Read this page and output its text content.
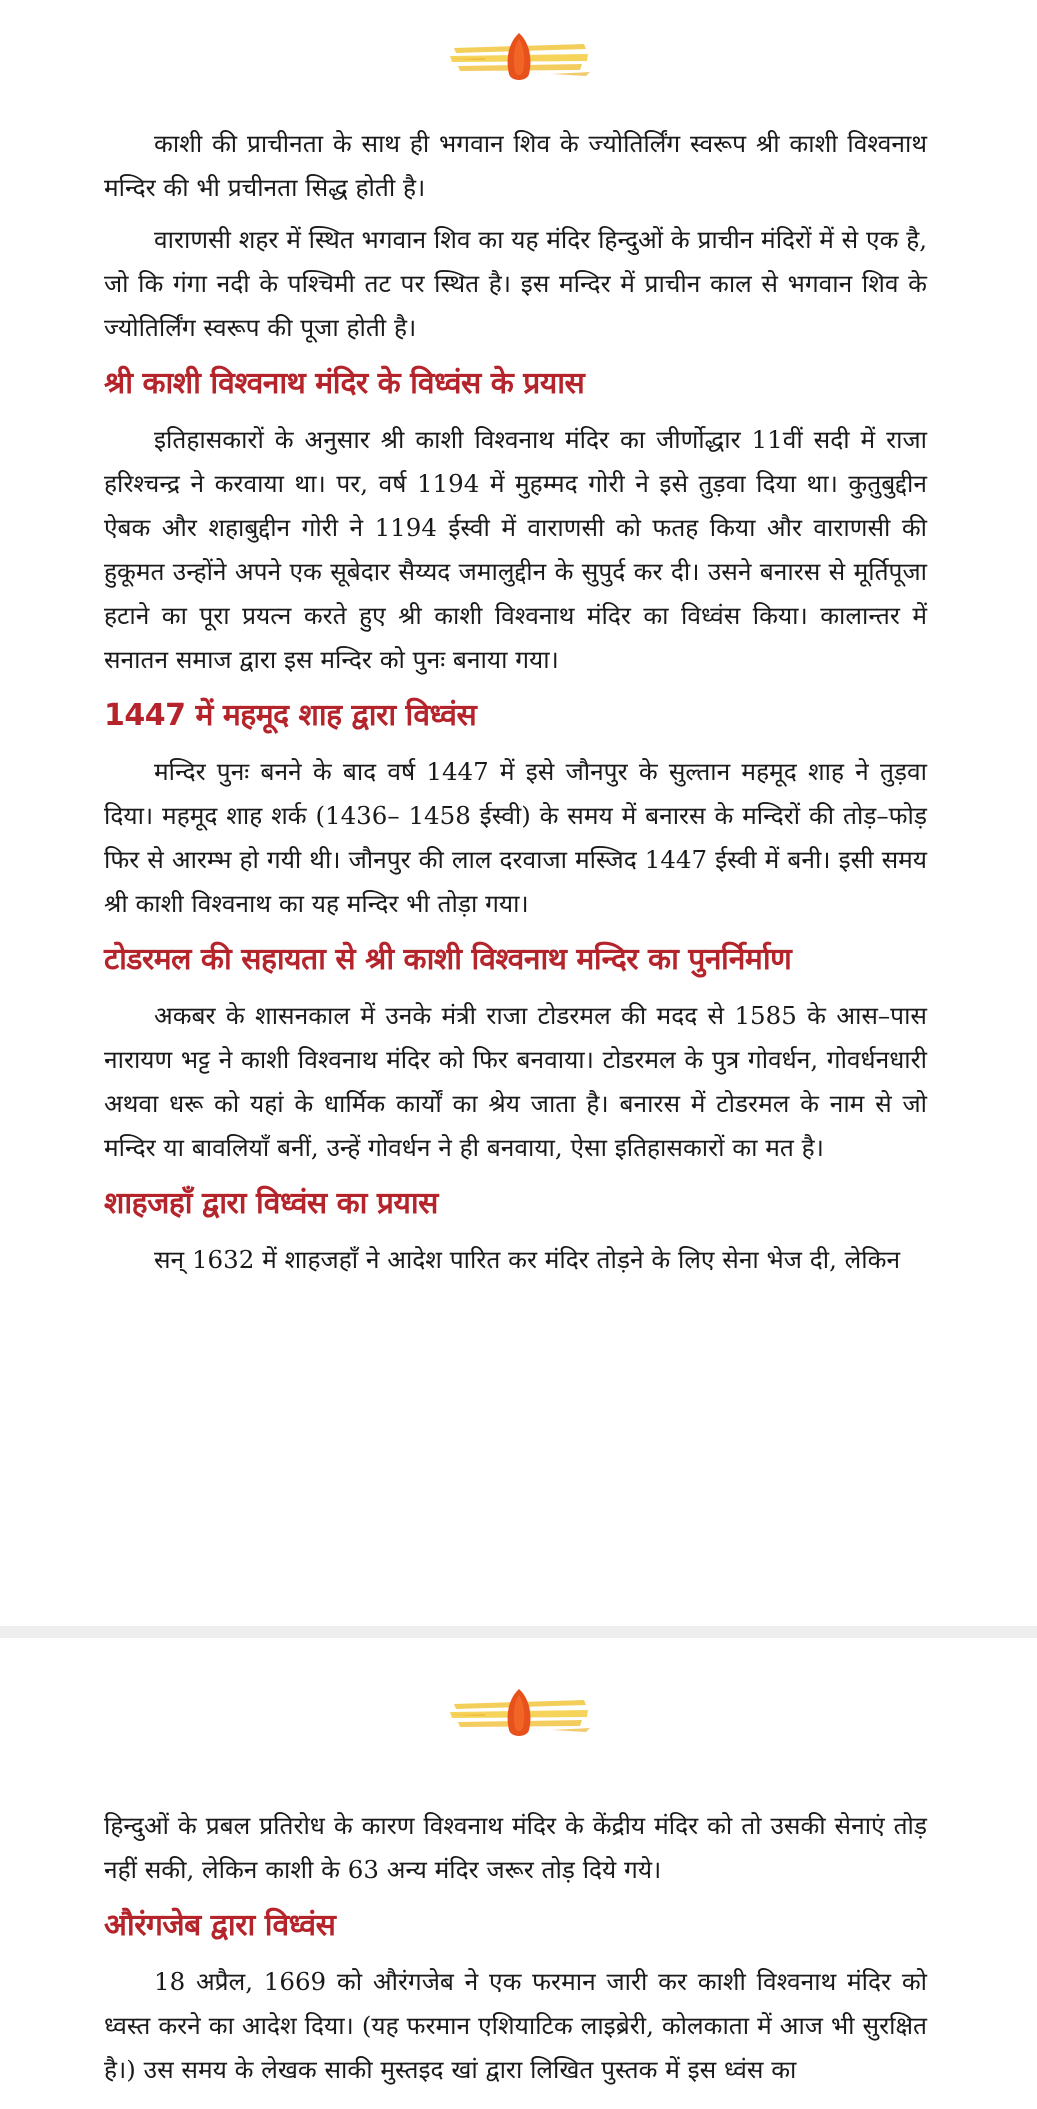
काशी की प्राचीनता के साथ ही भगवान शिव के ज्योतिर्लिंग स्वरूप श्री काशी विश्वनाथ मन्दिर की भी प्रचीनता सिद्ध होती है।

वाराणसी शहर में स्थित भगवान शिव का यह मंदिर हिन्दुओं के प्राचीन मंदिरों में से एक है, जो कि गंगा नदी के पश्चिमी तट पर स्थित है। इस मन्दिर में प्राचीन काल से भगवान शिव के ज्योतिर्लिंग स्वरूप की पूजा होती है।

श्री काशी विश्वनाथ मंदिर के विध्वंस के प्रयास

इतिहासकारों के अनुसार श्री काशी विश्वनाथ मंदिर का जीर्णोद्धार 11वीं सदी में राजा हरिश्चन्द्र ने करवाया था। पर, वर्ष 1194 में मुहम्मद गोरी ने इसे तुड़वा दिया था। कुतुबुद्दीन ऐबक और शहाबुद्दीन गोरी ने 1194 ईस्वी में वाराणसी को फतह किया और वाराणसी की हुकूमत उन्होंने अपने एक सूबेदार सैय्यद जमालुद्दीन के सुपुर्द कर दी। उसने बनारस से मूर्तिपूजा हटाने का पूरा प्रयत्न करते हुए श्री काशी विश्वनाथ मंदिर का विध्वंस किया। कालान्तर में सनातन समाज द्वारा इस मन्दिर को पुनः बनाया गया।

1447 में महमूद शाह द्वारा विध्वंस

मन्दिर पुनः बनने के बाद वर्ष 1447 में इसे जौनपुर के सुल्तान महमूद शाह ने तुड़वा दिया। महमूद शाह शर्क (1436– 1458 ईस्वी) के समय में बनारस के मन्दिरों की तोड़–फोड़ फिर से आरम्भ हो गयी थी। जौनपुर की लाल दरवाजा मस्जिद 1447 ईस्वी में बनी। इसी समय श्री काशी विश्वनाथ का यह मन्दिर भी तोड़ा गया।

टोडरमल की सहायता से श्री काशी विश्वनाथ मन्दिर का पुनर्निर्माण

अकबर के शासनकाल में उनके मंत्री राजा टोडरमल की मदद से 1585 के आस–पास नारायण भट्ट ने काशी विश्वनाथ मंदिर को फिर बनवाया। टोडरमल के पुत्र गोवर्धन, गोवर्धनधारी अथवा धरू को यहां के धार्मिक कार्यों का श्रेय जाता है। बनारस में टोडरमल के नाम से जो मन्दिर या बावलियाँ बनीं, उन्हें गोवर्धन ने ही बनवाया, ऐसा इतिहासकारों का मत है।

शाहजहाँ द्वारा विध्वंस का प्रयास

सन् 1632 में शाहजहाँ ने आदेश पारित कर मंदिर तोड़ने के लिए सेना भेज दी, लेकिन

हिन्दुओं के प्रबल प्रतिरोध के कारण विश्वनाथ मंदिर के केंद्रीय मंदिर को तो उसकी सेनाएं तोड़ नहीं सकी, लेकिन काशी के 63 अन्य मंदिर जरूर तोड़ दिये गये।

औरंगजेब द्वारा विध्वंस

18 अप्रैल, 1669 को औरंगजेब ने एक फरमान जारी कर काशी विश्वनाथ मंदिर को ध्वस्त करने का आदेश दिया। (यह फरमान एशियाटिक लाइब्रेरी, कोलकाता में आज भी सुरक्षित है।) उस समय के लेखक साकी मुस्तइद खां द्वारा लिखित पुस्तक में इस ध्वंस का
